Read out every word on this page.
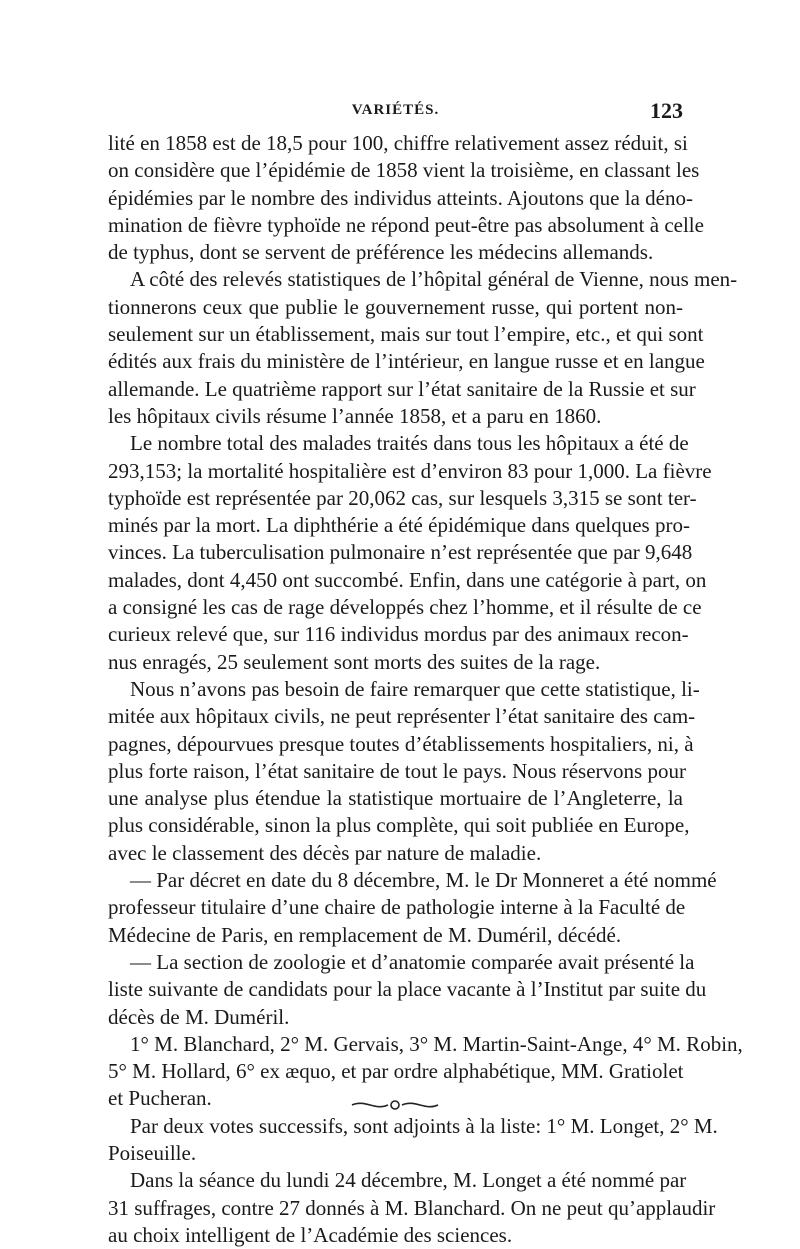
VARIÉTÉS.	123
lité en 1858 est de 18,5 pour 100, chiffre relativement assez réduit, si
on considère que l’épidémie de 1858 vient la troisième, en classant les
épidémies par le nombre des individus atteints. Ajoutons que la déno-
mination de fièvre typhoïde ne répond peut-être pas absolument à celle
de typhus, dont se servent de préférence les médecins allemands.
A côté des relevés statistiques de l’hôpital général de Vienne, nous men-
tionnerons ceux que publie le gouvernement russe, qui portent non-
seulement sur un établissement, mais sur tout l’empire, etc., et qui sont
édités aux frais du ministère de l’intérieur, en langue russe et en langue
allemande. Le quatrième rapport sur l’état sanitaire de la Russie et sur
les hôpitaux civils résume l’année 1858, et a paru en 1860.
Le nombre total des malades traités dans tous les hôpitaux a été de
293,153; la mortalité hospitalière est d’environ 83 pour 1,000. La fièvre
typhoïde est représentée par 20,062 cas, sur lesquels 3,315 se sont ter-
minés par la mort. La diphthérie a été épidémique dans quelques pro-
vinces. La tuberculisation pulmonaire n’est représentée que par 9,648
malades, dont 4,450 ont succombé. Enfin, dans une catégorie à part, on
a consigné les cas de rage développés chez l’homme, et il résulte de ce
curieux relevé que, sur 116 individus mordus par des animaux recon-
nus enragés, 25 seulement sont morts des suites de la rage.
Nous n’avons pas besoin de faire remarquer que cette statistique, li-
mitée aux hôpitaux civils, ne peut représenter l’état sanitaire des cam-
pagnes, dépourvues presque toutes d’établissements hospitaliers, ni, à
plus forte raison, l’état sanitaire de tout le pays. Nous réservons pour
une analyse plus étendue la statistique mortuaire de l’Angleterre, la
plus considérable, sinon la plus complète, qui soit publiée en Europe,
avec le classement des décès par nature de maladie.
— Par décret en date du 8 décembre, M. le Dr Monneret a été nommé
professeur titulaire d’une chaire de pathologie interne à la Faculté de
Médecine de Paris, en remplacement de M. Duméril, décédé.
— La section de zoologie et d’anatomie comparée avait présenté la
liste suivante de candidats pour la place vacante à l’Institut par suite du
décès de M. Duméril.
1° M. Blanchard, 2° M. Gervais, 3° M. Martin-Saint-Ange, 4° M. Robin,
5° M. Hollard, 6° ex æquo, et par ordre alphabétique, MM. Gratiolet
et Pucheran.
Par deux votes successifs, sont adjoints à la liste: 1° M. Longet, 2° M.
Poiseuille.
Dans la séance du lundi 24 décembre, M. Longet a été nommé par
31 suffrages, contre 27 donnés à M. Blanchard. On ne peut qu’applaudir
au choix intelligent de l’Académie des sciences.
